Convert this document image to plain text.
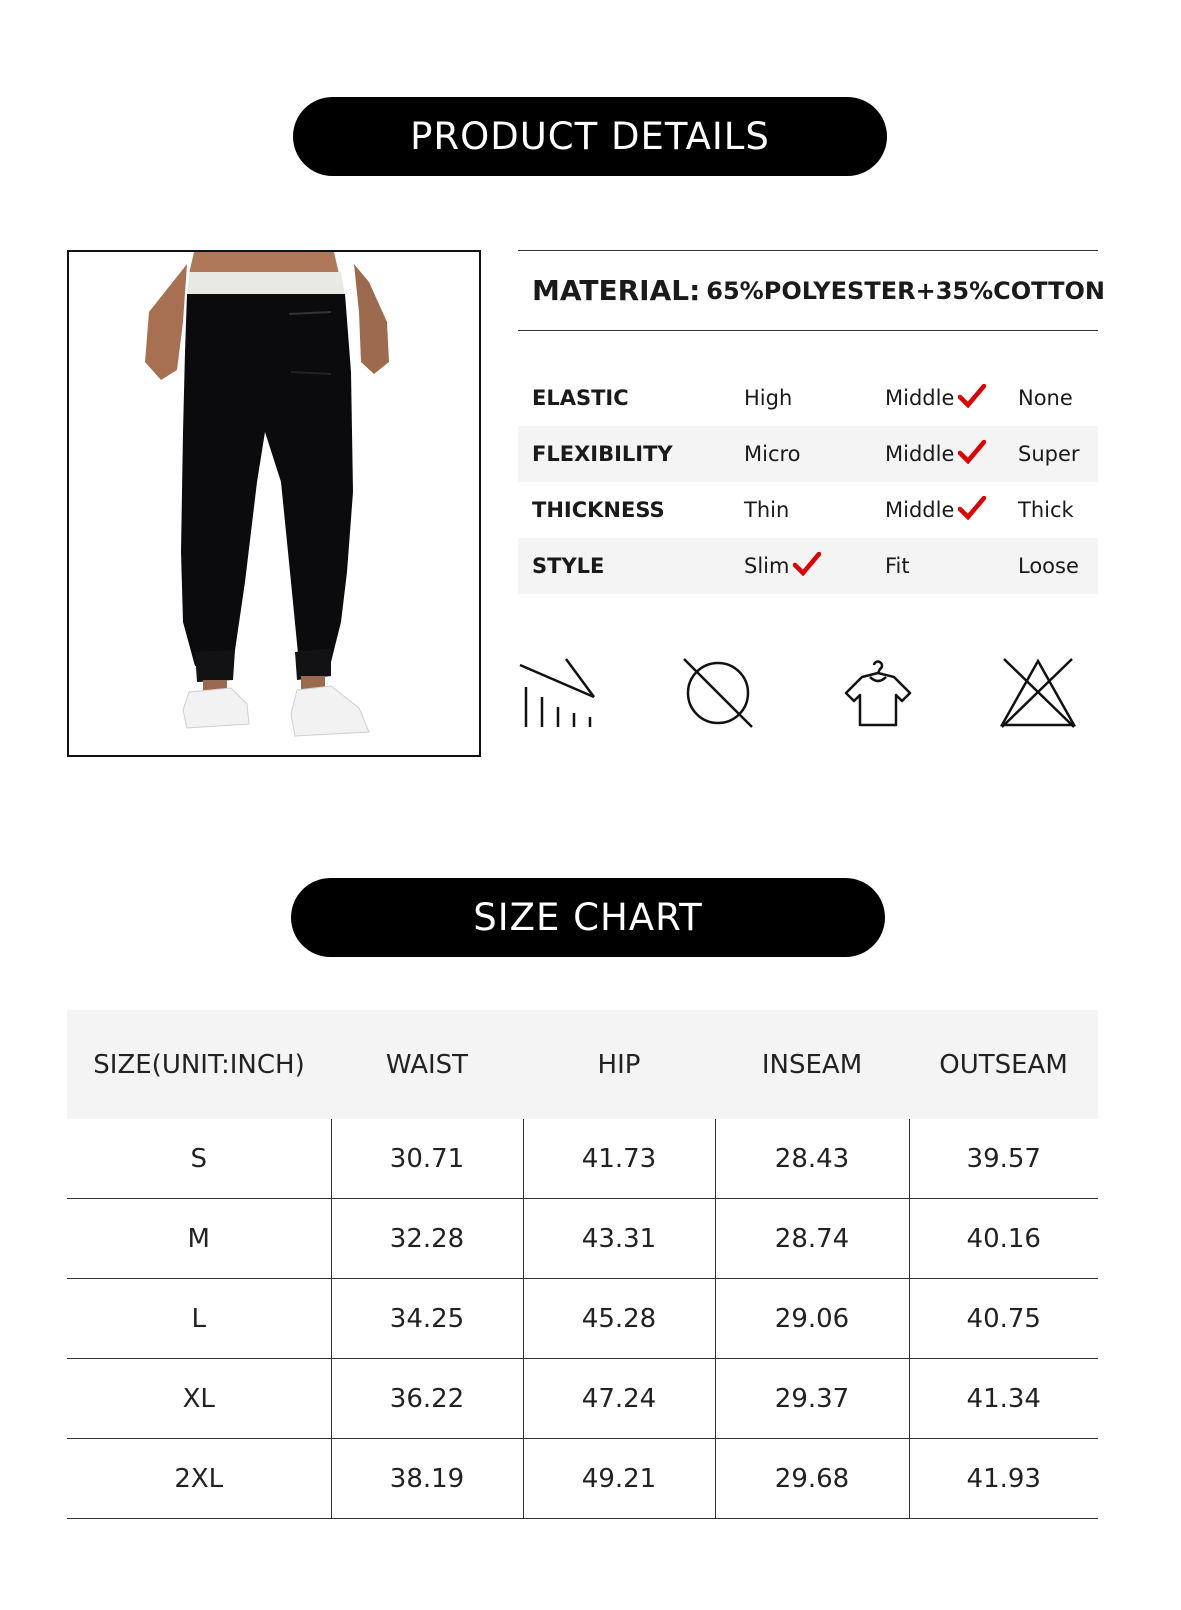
PRODUCT DETAILS
MATERIAL: 65%POLYESTER+35%COTTON
ELASTIC	High	Middle	None
FLEXIBILITY	Micro	Middle	Super
THICKNESS	Thin	Middle	Thick
STYLE	Slim	Fit	Loose
SIZE CHART
SIZE(UNIT:INCH)	WAIST	HIP	INSEAM	OUTSEAM
S	30.71	41.73	28.43	39.57
M	32.28	43.31	28.74	40.16
L	34.25	45.28	29.06	40.75
XL	36.22	47.24	29.37	41.34
2XL	38.19	49.21	29.68	41.93
